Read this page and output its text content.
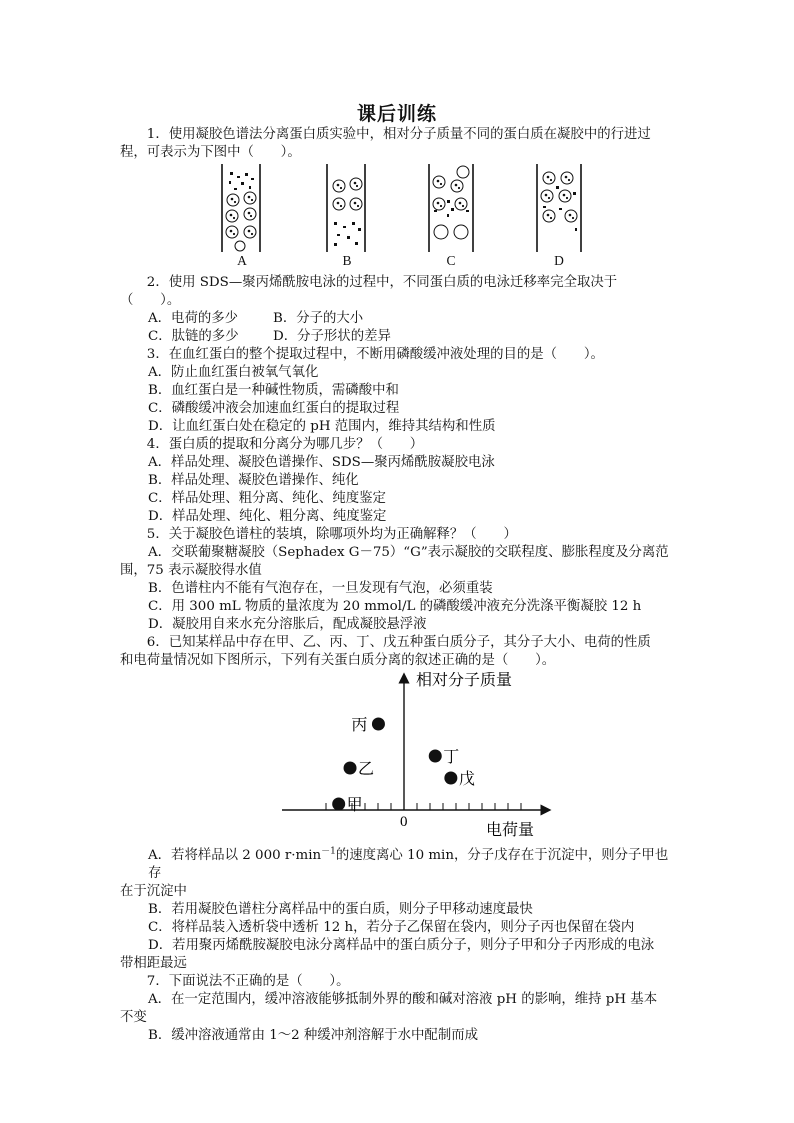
课后训练

1．使用凝胶色谱法分离蛋白质实验中，相对分子质量不同的蛋白质在凝胶中的行进过

程，可表示为下图中（　　）。

A	B	C	D

2．使用 SDS—聚丙烯酰胺电泳的过程中，不同蛋白质的电泳迁移率完全取决于

（　　）。

A．电荷的多少	B．分子的大小
C．肽链的多少	D．分子形状的差异

3．在血红蛋白的整个提取过程中，不断用磷酸缓冲液处理的目的是（　　）。

A．防止血红蛋白被氧气氧化

B．血红蛋白是一种碱性物质，需磷酸中和

C．磷酸缓冲液会加速血红蛋白的提取过程

D．让血红蛋白处在稳定的 pH 范围内，维持其结构和性质

4．蛋白质的提取和分离分为哪几步？（　　）

A．样品处理、凝胶色谱操作、SDS—聚丙烯酰胺凝胶电泳

B．样品处理、凝胶色谱操作、纯化

C．样品处理、粗分离、纯化、纯度鉴定

D．样品处理、纯化、粗分离、纯度鉴定

5．关于凝胶色谱柱的装填，除哪项外均为正确解释？（　　）

A．交联葡聚糖凝胶（Sephadex G－75）“G”表示凝胶的交联程度、膨胀程度及分离范

围，75 表示凝胶得水值

B．色谱柱内不能有气泡存在，一旦发现有气泡，必须重装

C．用 300 mL 物质的量浓度为 20 mmol/L 的磷酸缓冲液充分洗涤平衡凝胶 12 h

D．凝胶用自来水充分溶胀后，配成凝胶悬浮液

6．已知某样品中存在甲、乙、丙、丁、戊五种蛋白质分子，其分子大小、电荷的性质

和电荷量情况如下图所示，下列有关蛋白质分离的叙述正确的是（　　）。

丙
乙
丁
戊
甲
相对分子质量
电荷量
0

A．若将样品以 2 000 $r\cdot\min^{-1}$的速度离心 10 min，分子戊存在于沉淀中，则分子甲也存

在于沉淀中

B．若用凝胶色谱柱分离样品中的蛋白质，则分子甲移动速度最快

C．将样品装入透析袋中透析 12 h，若分子乙保留在袋内，则分子丙也保留在袋内

D．若用聚丙烯酰胺凝胶电泳分离样品中的蛋白质分子，则分子甲和分子丙形成的电泳

带相距最远

7．下面说法不正确的是（　　）。

A．在一定范围内，缓冲溶液能够抵制外界的酸和碱对溶液 pH 的影响，维持 pH 基本

不变

B．缓冲溶液通常由 1～2 种缓冲剂溶解于水中配制而成
